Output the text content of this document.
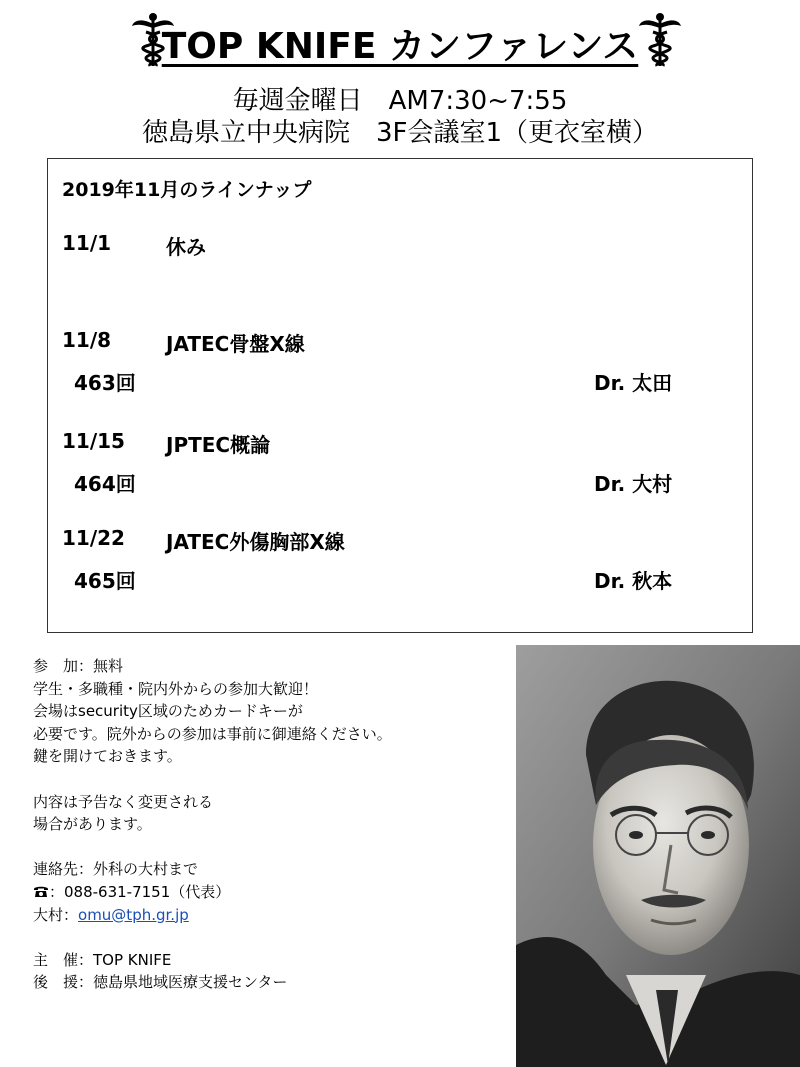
TOP KNIFE カンファレンス
毎週金曜日　AM7:30~7:55
徳島県立中央病院　3F会議室1（更衣室横）
2019年11月のラインナップ
11/1	休み
11/8	JATEC骨盤X線
463回	Dr. 太田
11/15 JPTEC概論
464回	Dr. 大村
11/22 JATEC外傷胸部X線
465回	Dr. 秋本
参　加：無料
学生・多職種・院内外からの参加大歓迎！
会場はsecurity区域のためカードキーが
必要です。院外からの参加は事前に御連絡ください。
鍵を開けておきます。
内容は予告なく変更される
場合があります。
連絡先：外科の大村まで
：088-631-7151（代表）
大村：omu@tph.gr.jp
主　催：TOP KNIFE
後　援：徳島県地域医療支援センター
